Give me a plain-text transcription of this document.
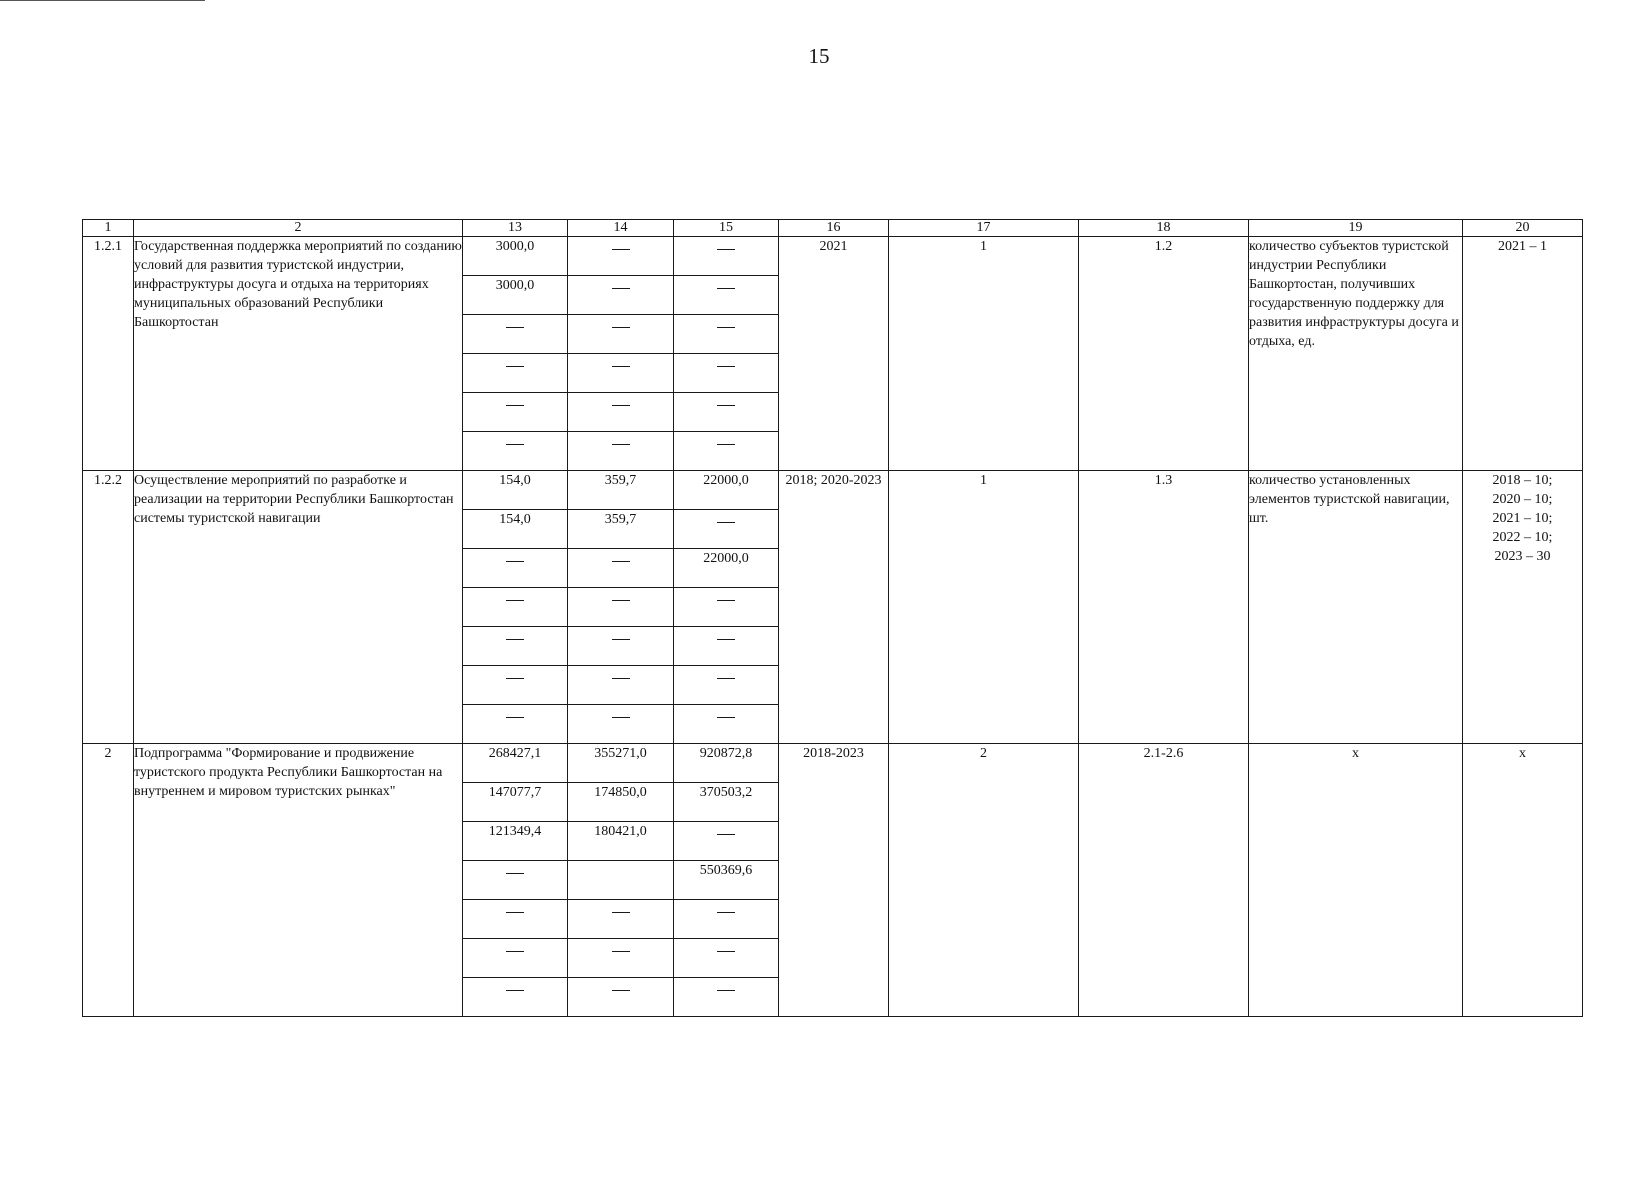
15
1	2	13	14	15	16	17	18	19	20
1.2.1	Государственная поддержка мероприятий по созданию условий для развития туристской индустрии, инфраструктуры досуга и отдыха на территориях муниципальных образований Республики Башкортостан	3000,0			2021	1	1.2	количество субъектов туристской индустрии Республики Башкортостан, получивших государственную поддержку для развития инфраструктуры досуга и отдыха, ед.	2021 – 1

		3000,0							

1.2.2	Осуществление мероприятий по разработке и реализации на территории Республики Башкортостан системы туристской навигации	154,0	359,7	22000,0	2018; 2020-2023	1	1.3	количество установленных элементов туристской навигации, шт.	2018 – 10;
2020 – 10;
2021 – 10;
2022 – 10;
2023 – 30

		154,0	359,7						
				22000,0					

2	Подпрограмма "Формирование и продвижение туристского продукта Республики Башкортостан на внутреннем и мировом туристских рынках"	268427,1	355271,0	920872,8	2018-2023	2	2.1-2.6	x	x

		147077,7	174850,0	370503,2					
		121349,4	180421,0						
				550369,6					
